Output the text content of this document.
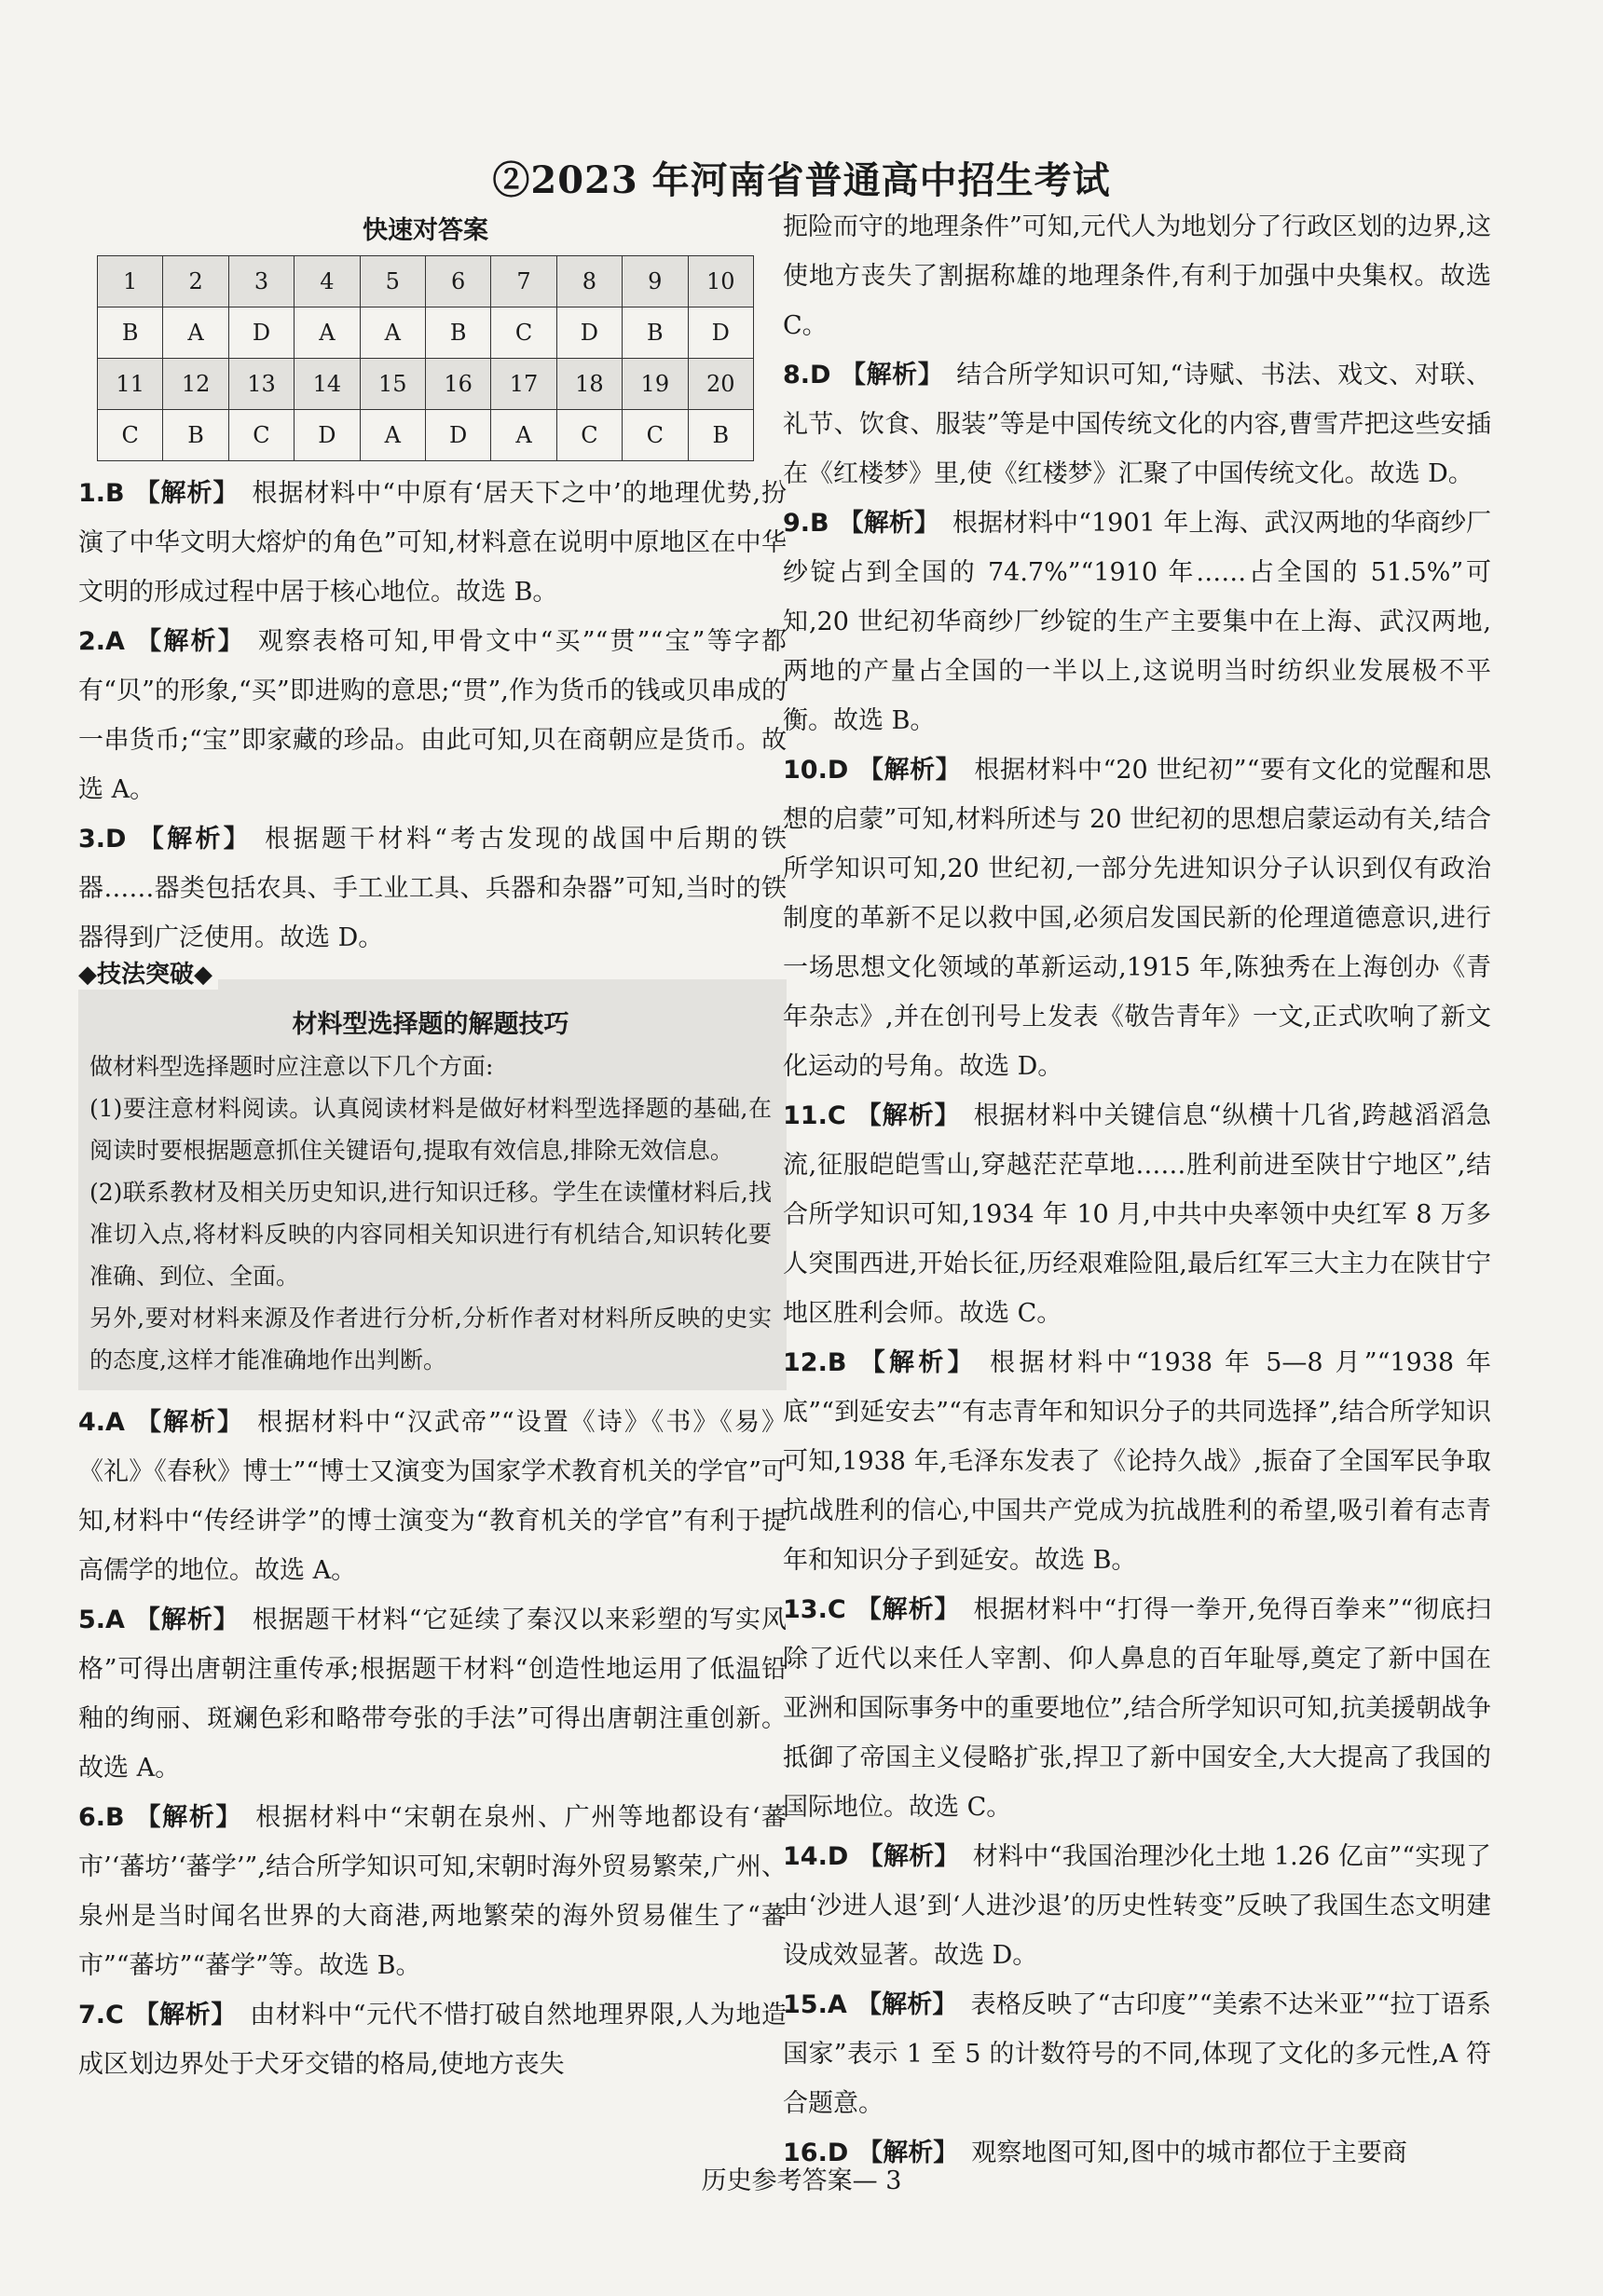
②2023 年河南省普通高中招生考试
快速对答案
1	2	3	4	5	6	7	8	9	10
B	A	D	A	A	B	C	D	B	D
11	12	13	14	15	16	17	18	19	20
C	B	C	D	A	D	A	C	C	B
1.B 【解析】 根据材料中“中原有‘居天下之中’的地理优势,扮演了中华文明大熔炉的角色”可知,材料意在说明中原地区在中华文明的形成过程中居于核心地位。故选 B。
2.A 【解析】 观察表格可知,甲骨文中“买”“贯”“宝”等字都有“贝”的形象,“买”即进购的意思;“贯”,作为货币的钱或贝串成的一串货币;“宝”即家藏的珍品。由此可知,贝在商朝应是货币。故选 A。
3.D 【解析】 根据题干材料“考古发现的战国中后期的铁器……器类包括农具、手工业工具、兵器和杂器”可知,当时的铁器得到广泛使用。故选 D。
◆技法突破◆
材料型选择题的解题技巧

做材料型选择题时应注意以下几个方面:

(1)要注意材料阅读。认真阅读材料是做好材料型选择题的基础,在阅读时要根据题意抓住关键语句,提取有效信息,排除无效信息。

(2)联系教材及相关历史知识,进行知识迁移。学生在读懂材料后,找准切入点,将材料反映的内容同相关知识进行有机结合,知识转化要准确、到位、全面。

另外,要对材料来源及作者进行分析,分析作者对材料所反映的史实的态度,这样才能准确地作出判断。

4.A 【解析】 根据材料中“汉武帝”“设置《诗》《书》《易》《礼》《春秋》博士”“博士又演变为国家学术教育机关的学官”可知,材料中“传经讲学”的博士演变为“教育机关的学官”有利于提高儒学的地位。故选 A。
5.A 【解析】 根据题干材料“它延续了秦汉以来彩塑的写实风格”可得出唐朝注重传承;根据题干材料“创造性地运用了低温铅釉的绚丽、斑斓色彩和略带夸张的手法”可得出唐朝注重创新。故选 A。
6.B 【解析】 根据材料中“宋朝在泉州、广州等地都设有‘蕃市’‘蕃坊’‘蕃学’”,结合所学知识可知,宋朝时海外贸易繁荣,广州、泉州是当时闻名世界的大商港,两地繁荣的海外贸易催生了“蕃市”“蕃坊”“蕃学”等。故选 B。
7.C 【解析】 由材料中“元代不惜打破自然地理界限,人为地造成区划边界处于犬牙交错的格局,使地方丧失
扼险而守的地理条件”可知,元代人为地划分了行政区划的边界,这使地方丧失了割据称雄的地理条件,有利于加强中央集权。故选 C。
8.D 【解析】 结合所学知识可知,“诗赋、书法、戏文、对联、礼节、饮食、服装”等是中国传统文化的内容,曹雪芹把这些安插在《红楼梦》里,使《红楼梦》汇聚了中国传统文化。故选 D。
9.B 【解析】 根据材料中“1901 年上海、武汉两地的华商纱厂纱锭占到全国的 74.7%”“1910 年……占全国的 51.5%”可知,20 世纪初华商纱厂纱锭的生产主要集中在上海、武汉两地,两地的产量占全国的一半以上,这说明当时纺织业发展极不平衡。故选 B。
10.D 【解析】 根据材料中“20 世纪初”“要有文化的觉醒和思想的启蒙”可知,材料所述与 20 世纪初的思想启蒙运动有关,结合所学知识可知,20 世纪初,一部分先进知识分子认识到仅有政治制度的革新不足以救中国,必须启发国民新的伦理道德意识,进行一场思想文化领域的革新运动,1915 年,陈独秀在上海创办《青年杂志》,并在创刊号上发表《敬告青年》一文,正式吹响了新文化运动的号角。故选 D。
11.C 【解析】 根据材料中关键信息“纵横十几省,跨越滔滔急流,征服皑皑雪山,穿越茫茫草地……胜利前进至陕甘宁地区”,结合所学知识可知,1934 年 10 月,中共中央率领中央红军 8 万多人突围西进,开始长征,历经艰难险阻,最后红军三大主力在陕甘宁地区胜利会师。故选 C。
12.B 【解析】 根据材料中“1938 年 5—8 月”“1938 年底”“到延安去”“有志青年和知识分子的共同选择”,结合所学知识可知,1938 年,毛泽东发表了《论持久战》,振奋了全国军民争取抗战胜利的信心,中国共产党成为抗战胜利的希望,吸引着有志青年和知识分子到延安。故选 B。
13.C 【解析】 根据材料中“打得一拳开,免得百拳来”“彻底扫除了近代以来任人宰割、仰人鼻息的百年耻辱,奠定了新中国在亚洲和国际事务中的重要地位”,结合所学知识可知,抗美援朝战争抵御了帝国主义侵略扩张,捍卫了新中国安全,大大提高了我国的国际地位。故选 C。
14.D 【解析】 材料中“我国治理沙化土地 1.26 亿亩”“实现了由‘沙进人退’到‘人进沙退’的历史性转变”反映了我国生态文明建设成效显著。故选 D。
15.A 【解析】 表格反映了“古印度”“美索不达米亚”“拉丁语系国家”表示 1 至 5 的计数符号的不同,体现了文化的多元性,A 符合题意。
16.D 【解析】 观察地图可知,图中的城市都位于主要商
历史参考答案— 3
